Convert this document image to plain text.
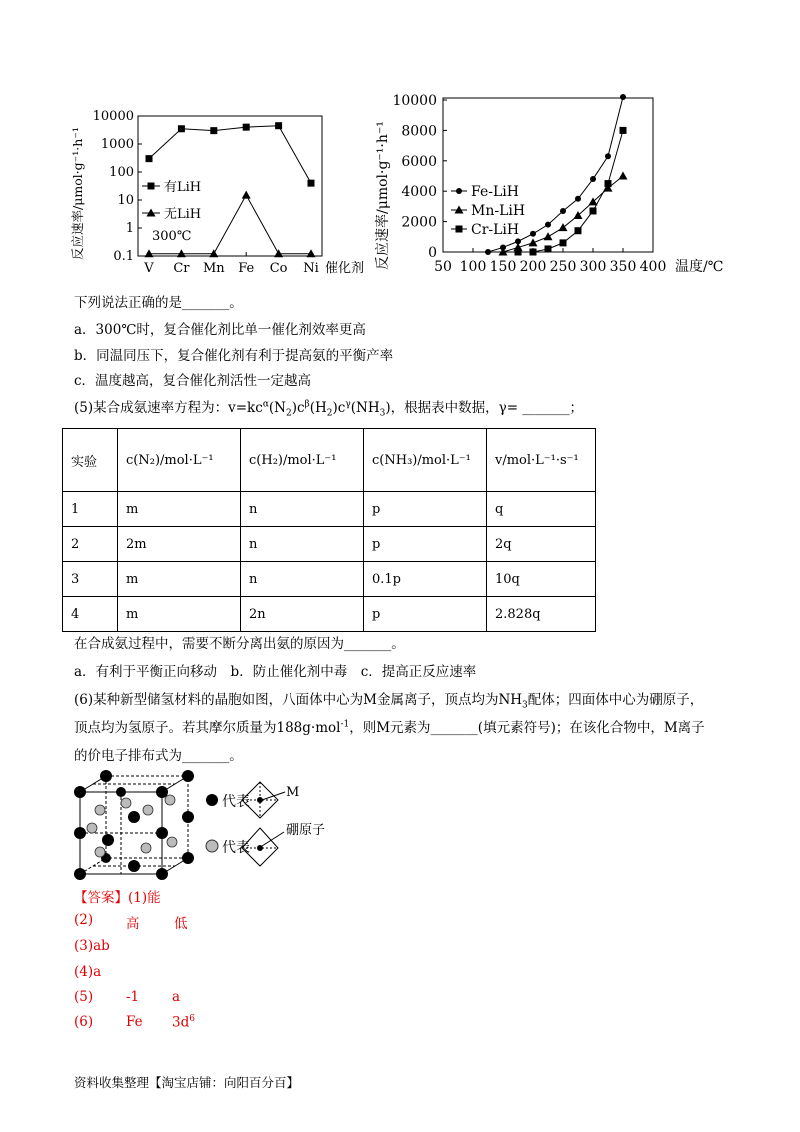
10000
1000
100
10
1
0.1
V Cr Mn Fe Co Ni 催化剂
反应速率/μmol·g⁻¹·h⁻¹	有LiH
无LiH
300℃
10000
8000
6000
4000
2000
0
50 100 150 200 250 300 350 400 温度/℃
反应速率/μmol·g⁻¹·h⁻¹	Fe-LiH
Mn-LiH
Cr-LiH
下列说法正确的是_______。
a．300℃时，复合催化剂比单一催化剂效率更高
b．同温同压下，复合催化剂有利于提高氨的平衡产率
c．温度越高，复合催化剂活性一定越高
(5)某合成氨速率方程为：$v=kc^\alpha(N_2)c^\beta(H_2)c^\gamma(NH_3)$，根据表中数据，γ= _______；
实验	c(N₂)/mol·L⁻¹	c(H₂)/mol·L⁻¹	c(NH₃)/mol·L⁻¹	v/mol·L⁻¹·s⁻¹
1	m	n	p	q
2	2m	n	p	2q
3	m	n	0.1p	10q
4	m	2n	p	2.828q
在合成氨过程中，需要不断分离出氨的原因为_______。
a．有利于平衡正向移动　b．防止催化剂中毒　c．提高正反应速率
(6)某种新型储氢材料的晶胞如图，八面体中心为M金属离子，顶点均为$NH_3$配体；四面体中心为硼原子，
顶点均为氢原子。若其摩尔质量为188g·mol$^{-1}$，则M元素为_______(填元素符号)；在该化合物中，M离子
的价电子排布式为_______。
代表
M
代表
硼原子
【答案】(1)能
(2) 高	低
(3)ab
(4)a
(5) -1 a
(6) Fe $3d^6$
资料收集整理【淘宝店铺：向阳百分百】
